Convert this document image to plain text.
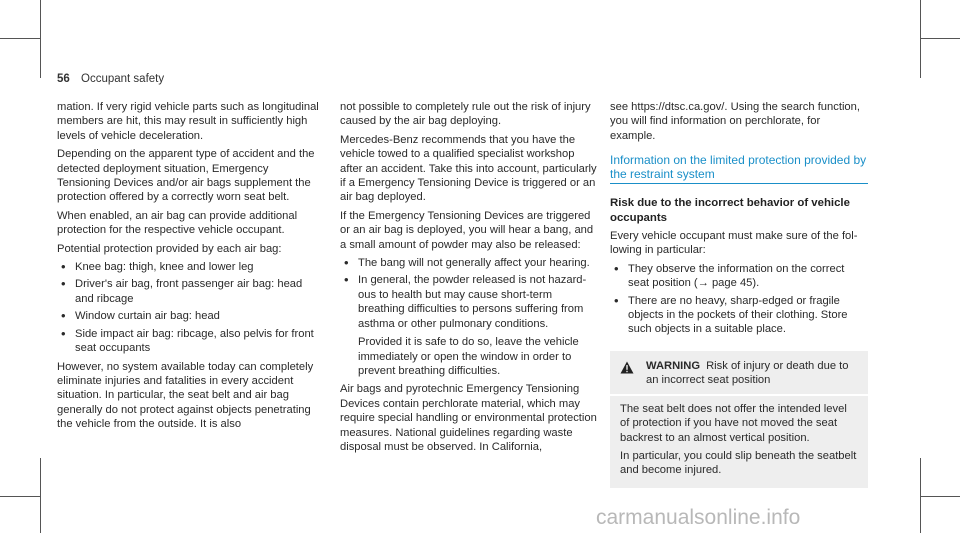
56 Occupant safety

mation. If very rigid vehicle parts such as longitudinal members are hit, this may result in sufficiently high levels of vehicle deceleration.

Depending on the apparent type of accident and the detected deployment situation, Emergency Tensioning Devices and/or air bags supplement the protection offered by a correctly worn seat belt.

When enabled, an air bag can provide additional protection for the respective vehicle occupant.

Potential protection provided by each air bag:

• Knee bag: thigh, knee and lower leg
• Driver's air bag, front passenger air bag: head and ribcage
• Window curtain air bag: head
• Side impact air bag: ribcage, also pelvis for front seat occupants

However, no system available today can completely eliminate injuries and fatalities in every accident situation. In particular, the seat belt and air bag generally do not protect against objects penetrating the vehicle from the outside. It is also

not possible to completely rule out the risk of injury caused by the air bag deploying.

Mercedes-Benz recommends that you have the vehicle towed to a qualified specialist workshop after an accident. Take this into account, particularly if a Emergency Tensioning Device is triggered or an air bag deployed.

If the Emergency Tensioning Devices are triggered or an air bag is deployed, you will hear a bang, and a small amount of powder may also be released:

• The bang will not generally affect your hearing.
• In general, the powder released is not hazardous to health but may cause short-term breathing difficulties to persons suffering from asthma or other pulmonary conditions.
Provided it is safe to do so, leave the vehicle immediately or open the window in order to prevent breathing difficulties.

Air bags and pyrotechnic Emergency Tensioning Devices contain perchlorate material, which may require special handling or environmental protection measures. National guidelines regarding waste disposal must be observed. In California,

see https://dtsc.ca.gov/. Using the search function, you will find information on perchlorate, for example.

Information on the limited protection provided by the restraint system
Risk due to the incorrect behavior of vehicle occupants

Every vehicle occupant must make sure of the following in particular:

• They observe the information on the correct seat position (→ page 45).
• There are no heavy, sharp-edged or fragile objects in the pockets of their clothing. Store such objects in a suitable place.
WARNING Risk of injury or death due to an incorrect seat position

The seat belt does not offer the intended level of protection if you have not moved the seat backrest to an almost vertical position.

In particular, you could slip beneath the seatbelt and become injured.

carmanualsonline.info
